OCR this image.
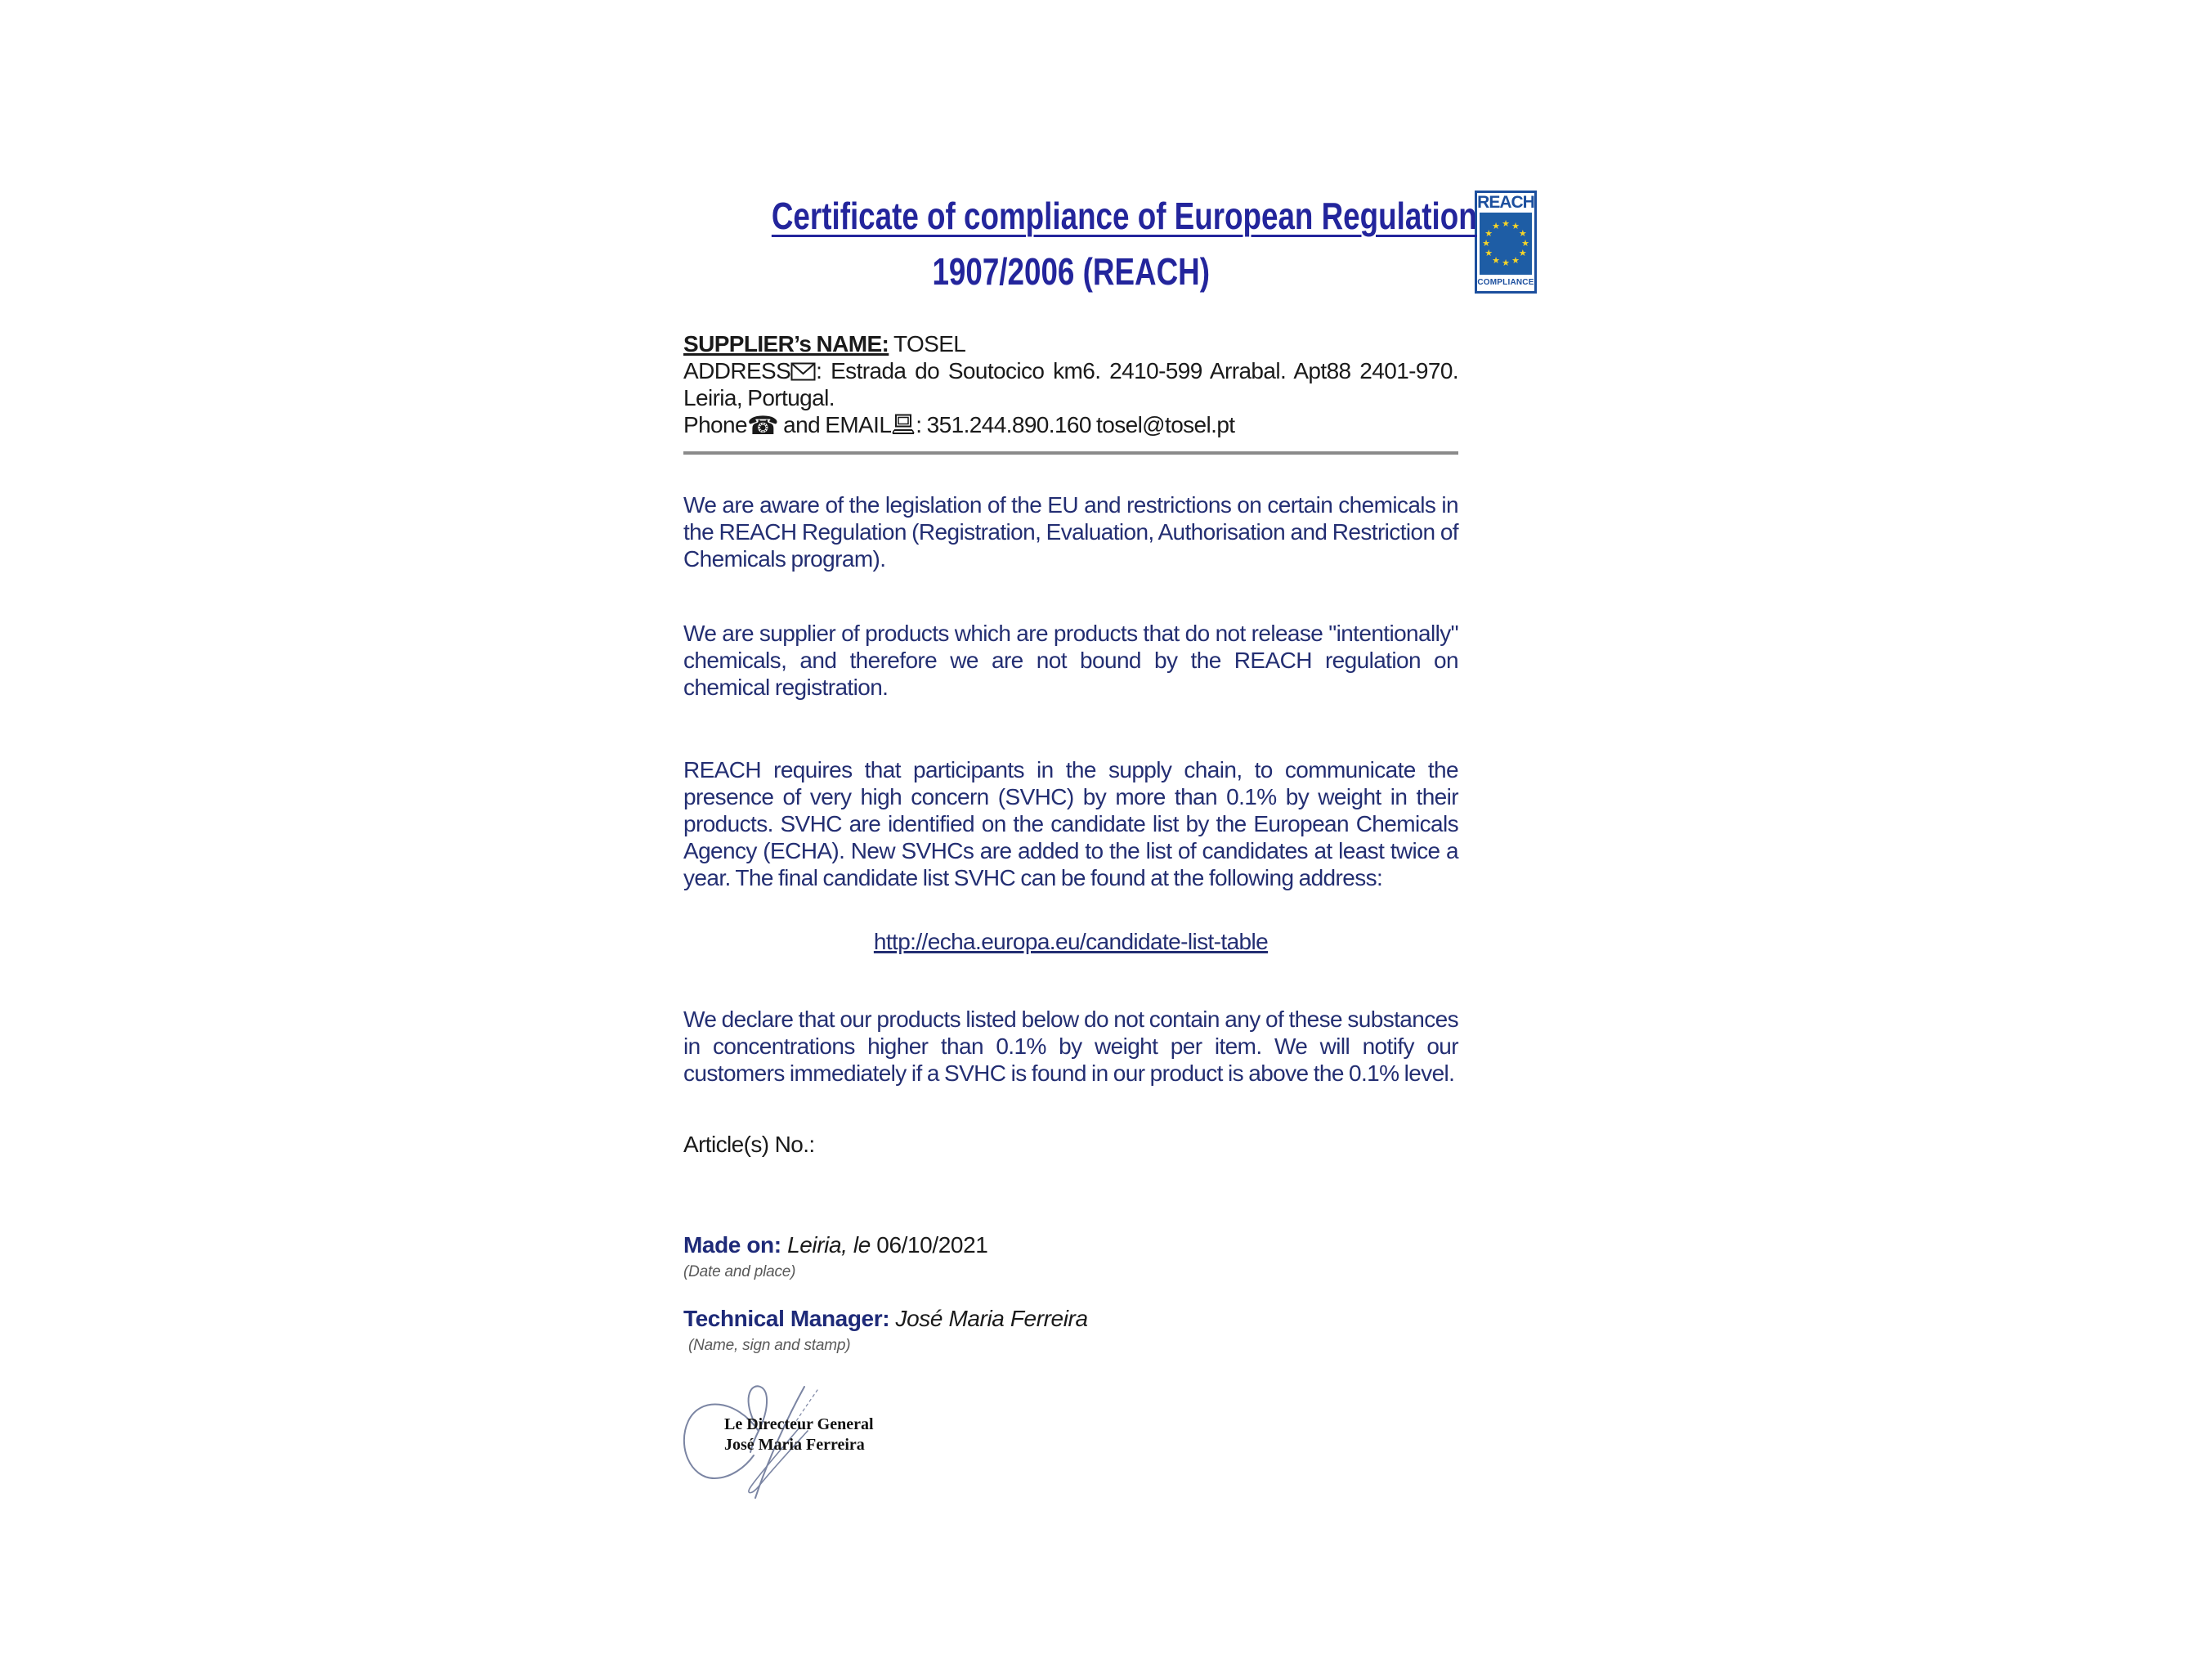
REACH
★
★
★
★
★
★
★
★
★ ★ ★
★
COMPLIANCE
Certificate of compliance of European Regulation
1907/2006 (REACH)
SUPPLIER’s NAME: TOSEL
ADDRESS : Estrada do Soutocico km6. 2410-599 Arrabal. Apt88 2401-970. Leiria, Portugal.
Phone☎ and EMAIL : 351.244.890.160 tosel@tosel.pt

We are aware of the legislation of the EU and restrictions on certain chemicals in the REACH Regulation (Registration, Evaluation, Authorisation and Restriction of Chemicals program).

We are supplier of products which are products that do not release "intentionally" chemicals, and therefore we are not bound by the REACH regulation on chemical registration.

REACH requires that participants in the supply chain, to communicate the presence of very high concern (SVHC) by more than 0.1% by weight in their products. SVHC are identified on the candidate list by the European Chemicals Agency (ECHA). New SVHCs are added to the list of candidates at least twice a year. The final candidate list SVHC can be found at the following address:

http://echa.europa.eu/candidate-list-table

We declare that our products listed below do not contain any of these substances in concentrations higher than 0.1% by weight per item. We will notify our customers immediately if a SVHC is found in our product is above the 0.1% level.

Article(s) No.:
Made on: Leiria, le 06/10/2021
(Date and place)
Technical Manager: José Maria Ferreira
(Name, sign and stamp)
Le Directeur General
José Maria Ferreira
